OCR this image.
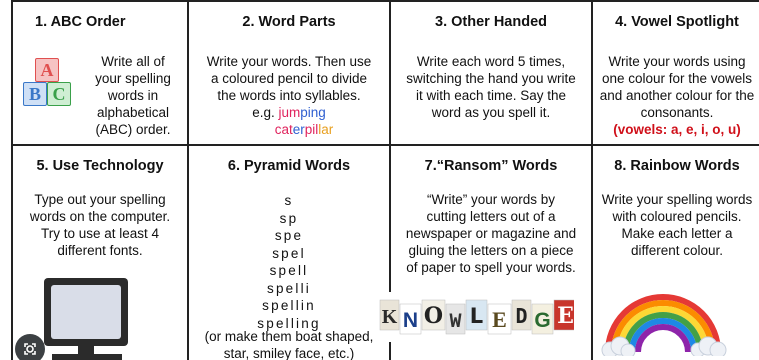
1. ABC Order
A
B C
Write all of
your spelling
words in
alphabetical
(ABC) order.
2. Word Parts
Write your words. Then use
a coloured pencil to divide
the words into syllables.
e.g. jumping
caterpillar
3. Other Handed
Write each word 5 times,
switching the hand you write
it with each time. Say the
word as you spell it.
4. Vowel Spotlight
Write your words using
one colour for the vowels
and another colour for the
consonants.
(vowels: a, e, i, o, u)
5. Use Technology
Type out your spelling
words on the computer.
Try to use at least 4
different fonts.
6. Pyramid Words
s
sp
spe
spel
spell
spelli
spellin
spelling
(or make them boat shaped,
star, smiley face, etc.)
7.“Ransom” Words
“Write” your words by
cutting letters out of a
newspaper or magazine and
gluing the letters on a piece
of paper to spell your words.
8. Rainbow Words
Write your spelling words
with coloured pencils.
Make each letter a
different colour.
K N O W L E D G E
